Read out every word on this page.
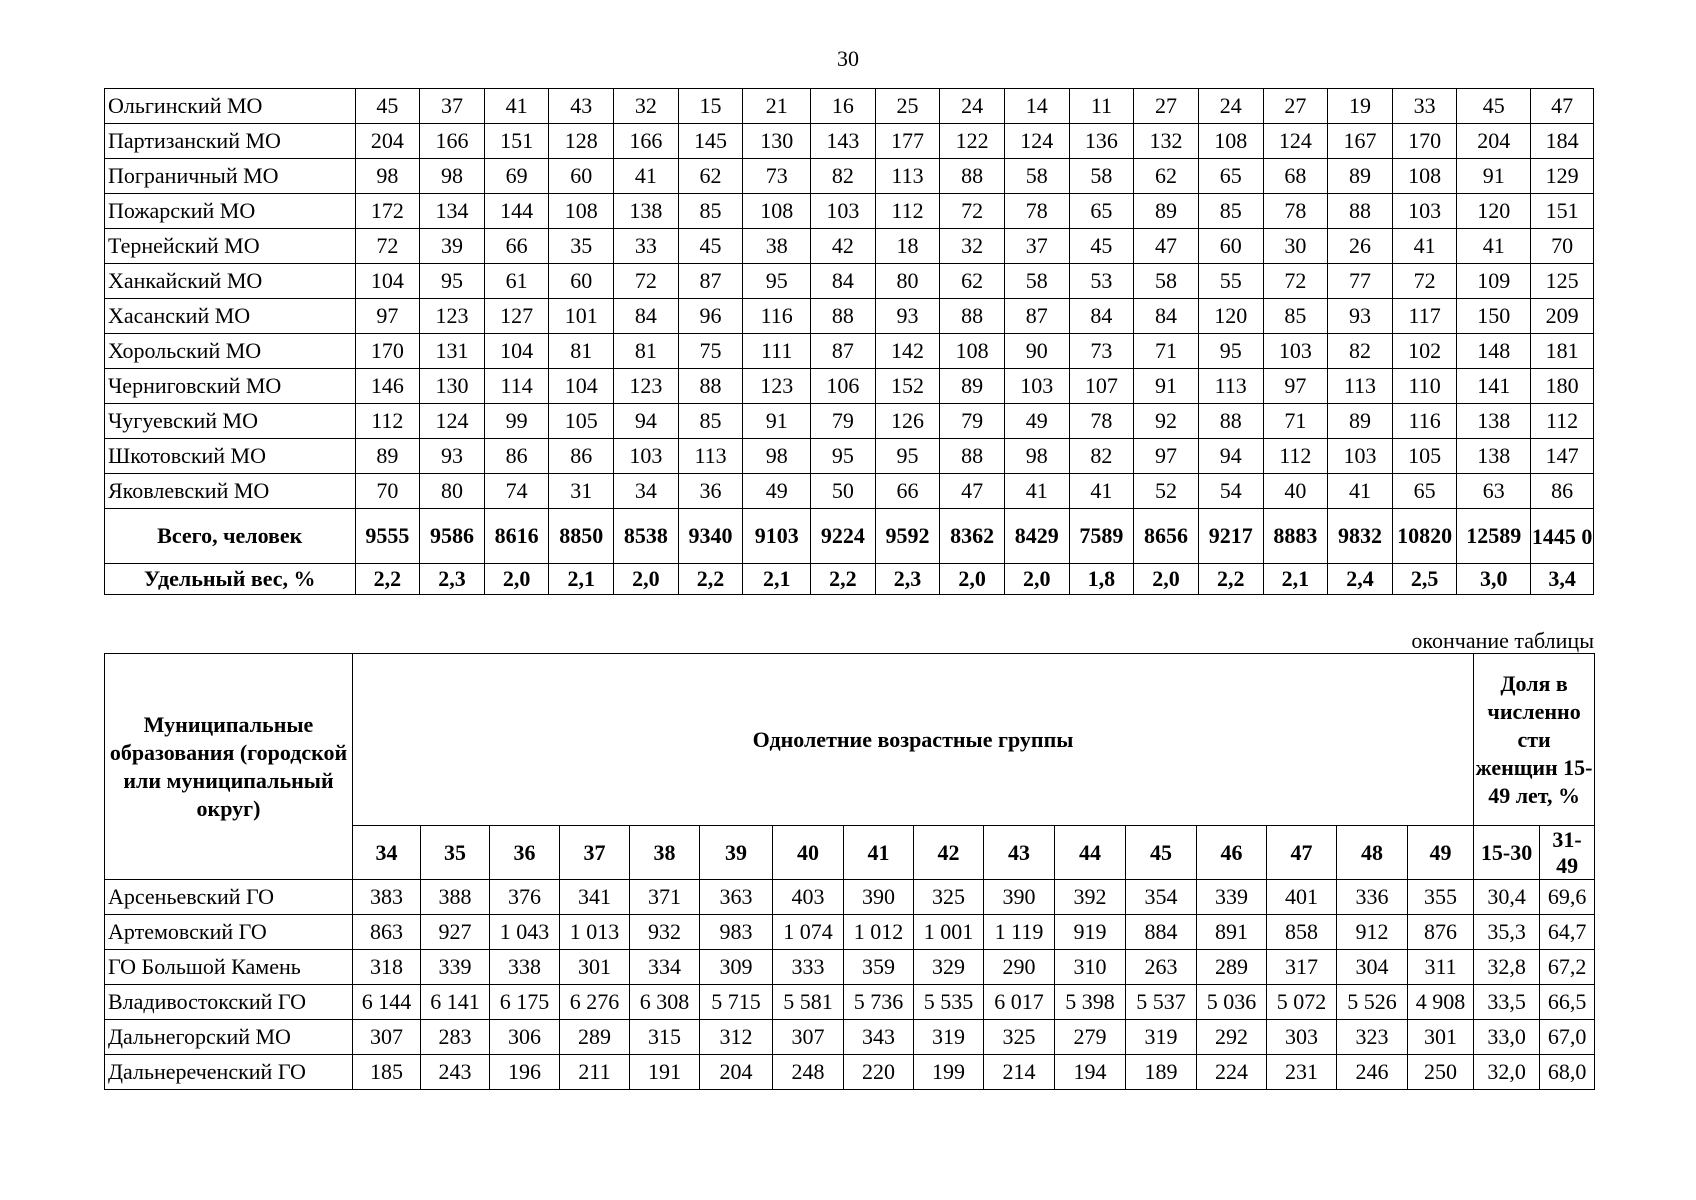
30
Ольгинский МО	45	37	41	43	32	15	21	16	25	24	14	11	27	24	27	19	33	45	47
Партизанский МО	204	166	151	128	166	145	130	143	177	122	124	136	132	108	124	167	170	204	184
Пограничный МО	98	98	69	60	41	62	73	82	113	88	58	58	62	65	68	89	108	91	129
Пожарский МО	172	134	144	108	138	85	108	103	112	72	78	65	89	85	78	88	103	120	151
Тернейский МО	72	39	66	35	33	45	38	42	18	32	37	45	47	60	30	26	41	41	70
Ханкайский МО	104	95	61	60	72	87	95	84	80	62	58	53	58	55	72	77	72	109	125
Хасанский МО	97	123	127	101	84	96	116	88	93	88	87	84	84	120	85	93	117	150	209
Хорольский МО	170	131	104	81	81	75	111	87	142	108	90	73	71	95	103	82	102	148	181
Черниговский МО	146	130	114	104	123	88	123	106	152	89	103	107	91	113	97	113	110	141	180
Чугуевский МО	112	124	99	105	94	85	91	79	126	79	49	78	92	88	71	89	116	138	112
Шкотовский МО	89	93	86	86	103	113	98	95	95	88	98	82	97	94	112	103	105	138	147
Яковлевский МО	70	80	74	31	34	36	49	50	66	47	41	41	52	54	40	41	65	63	86
Всего, человек	9555	9586	8616	8850	8538	9340	9103	9224	9592	8362	8429	7589	8656	9217	8883	9832	10820	12589	1445 0
Удельный вес, %	2,2	2,3	2,0	2,1	2,0	2,2	2,1	2,2	2,3	2,0	2,0	1,8	2,0	2,2	2,1	2,4	2,5	3,0	3,4
окончание таблицы
Муниципальные образования (городской или муниципальный округ)	Однолетние возрастные группы																Доля в численно сти женщин 15-49 лет, %	
	34	35	36	37	38	39	40	41	42	43	44	45	46	47	48	49	15-30	31- 49
Арсеньевский ГО	383	388	376	341	371	363	403	390	325	390	392	354	339	401	336	355	30,4	69,6
Артемовский ГО	863	927	1 043	1 013	932	983	1 074	1 012	1 001	1 119	919	884	891	858	912	876	35,3	64,7
ГО Большой Камень	318	339	338	301	334	309	333	359	329	290	310	263	289	317	304	311	32,8	67,2
Владивостокский ГО	6 144	6 141	6 175	6 276	6 308	5 715	5 581	5 736	5 535	6 017	5 398	5 537	5 036	5 072	5 526	4 908	33,5	66,5
Дальнегорский МО	307	283	306	289	315	312	307	343	319	325	279	319	292	303	323	301	33,0	67,0
Дальнереченский ГО	185	243	196	211	191	204	248	220	199	214	194	189	224	231	246	250	32,0	68,0
